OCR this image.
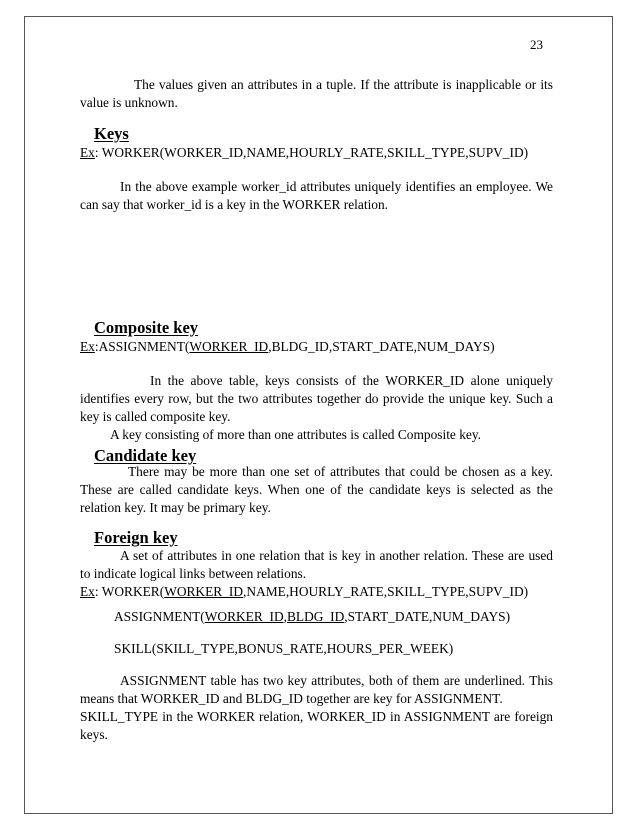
23

The values given an attributes in a tuple. If the attribute is inapplicable or its value is unknown.

Keys

Ex: WORKER(WORKER_ID,NAME,HOURLY_RATE,SKILL_TYPE,SUPV_ID)

In the above example worker_id attributes uniquely identifies an employee. We can say that worker_id is a key in the WORKER relation.

Composite key

Ex:ASSIGNMENT(WORKER_ID,BLDG_ID,START_DATE,NUM_DAYS)

In the above table, keys consists of the WORKER_ID alone uniquely identifies every row, but the two attributes together do provide the unique key. Such a key is called composite key.

A key consisting of more than one attributes is called Composite key.

Candidate key

There may be more than one set of attributes that could be chosen as a key. These are called candidate keys. When one of the candidate keys is selected as the relation key. It may be primary key.

Foreign key

A set of attributes in one relation that is key in another relation. These are used to indicate logical links between relations.

Ex: WORKER(WORKER_ID,NAME,HOURLY_RATE,SKILL_TYPE,SUPV_ID)

ASSIGNMENT(WORKER_ID,BLDG_ID,START_DATE,NUM_DAYS)

SKILL(SKILL_TYPE,BONUS_RATE,HOURS_PER_WEEK)

ASSIGNMENT table has two key attributes, both of them are underlined. This means that WORKER_ID and BLDG_ID together are key for ASSIGNMENT.

SKILL_TYPE in the WORKER relation, WORKER_ID in ASSIGNMENT are foreign keys.
